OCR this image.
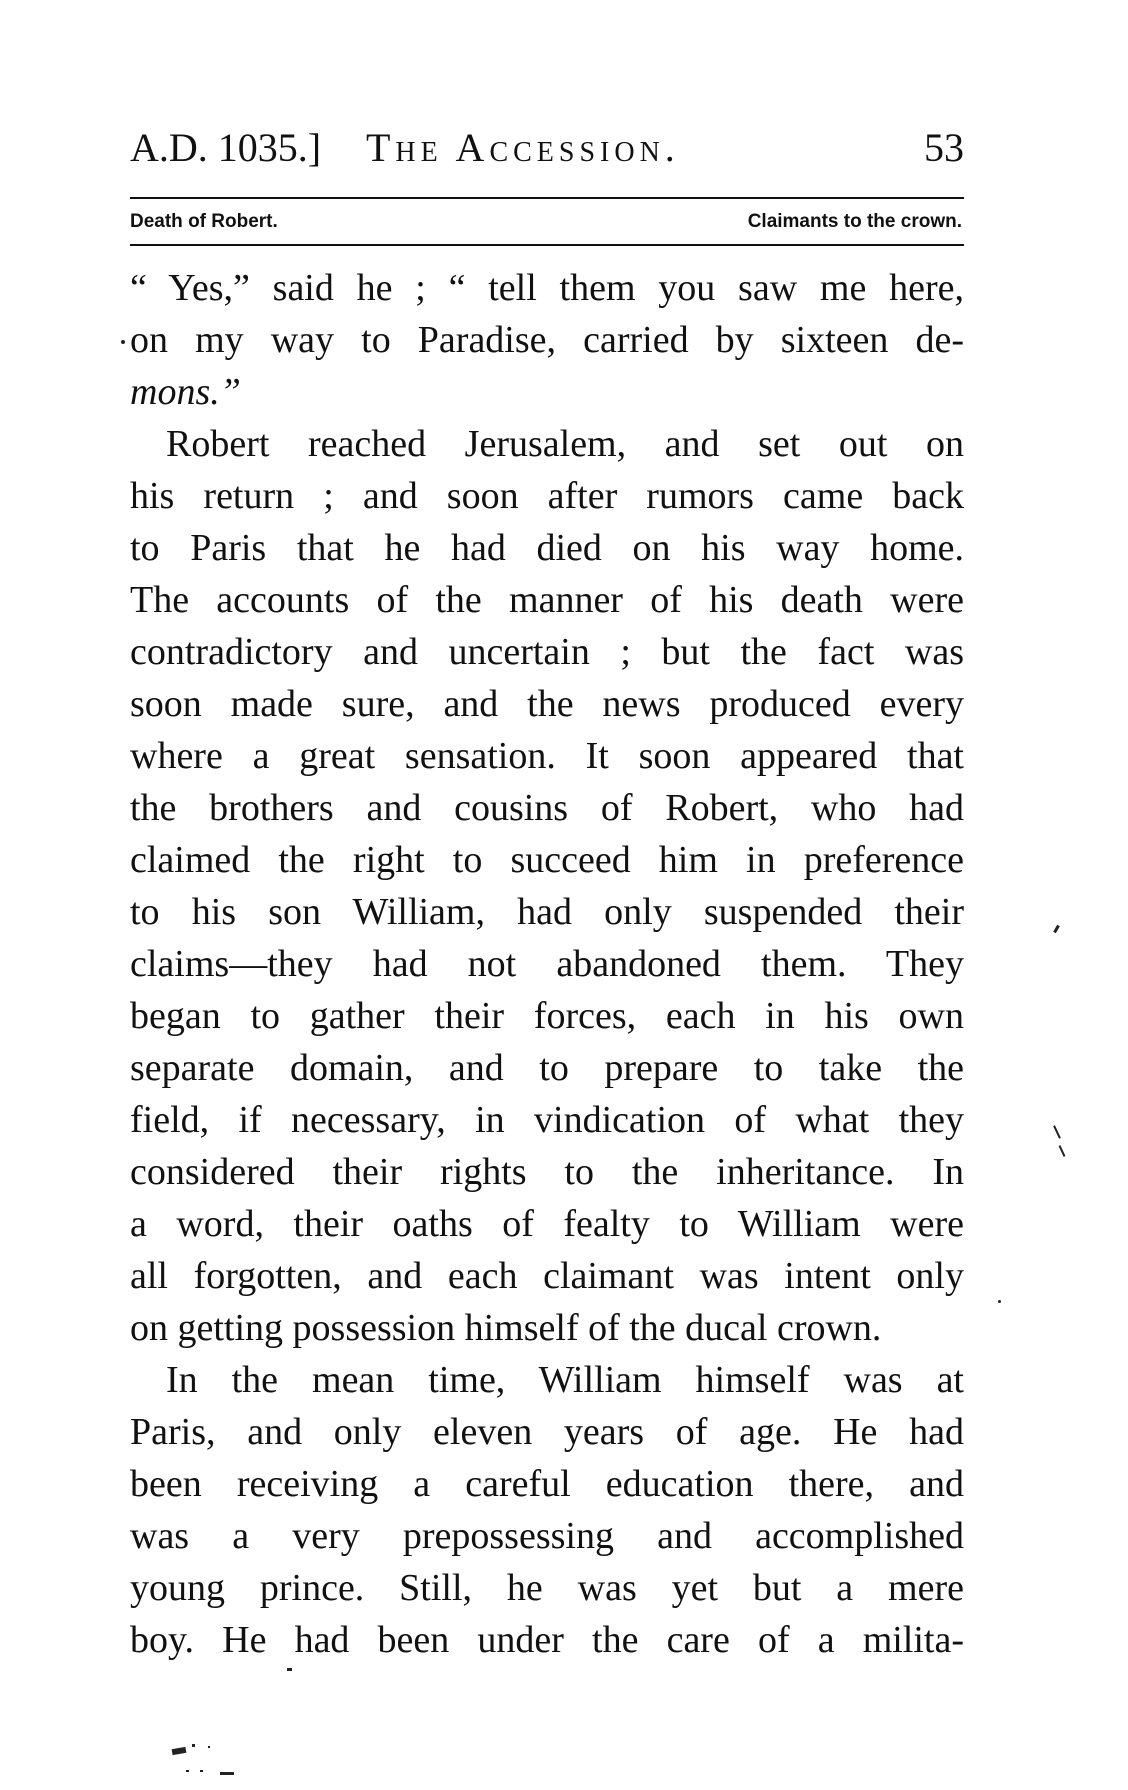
A.D. 1035.] The Accession.	53
Death of Robert.	Claimants to the crown.
“ Yes,” said he ; “ tell them you saw me here,
on my way to Paradise, carried by sixteen de-
mons.”
Robert reached Jerusalem, and set out on
his return ; and soon after rumors came back
to Paris that he had died on his way home.
The accounts of the manner of his death were
contradictory and uncertain ; but the fact was
soon made sure, and the news produced every
where a great sensation. It soon appeared that
the brothers and cousins of Robert, who had
claimed the right to succeed him in preference
to his son William, had only suspended their
claims—they had not abandoned them. They
began to gather their forces, each in his own
separate domain, and to prepare to take the
field, if necessary, in vindication of what they
considered their rights to the inheritance. In
a word, their oaths of fealty to William were
all forgotten, and each claimant was intent only
on getting possession himself of the ducal crown.
In the mean time, William himself was at
Paris, and only eleven years of age. He had
been receiving a careful education there, and
was a very prepossessing and accomplished
young prince. Still, he was yet but a mere
boy. He had been under the care of a milita-
